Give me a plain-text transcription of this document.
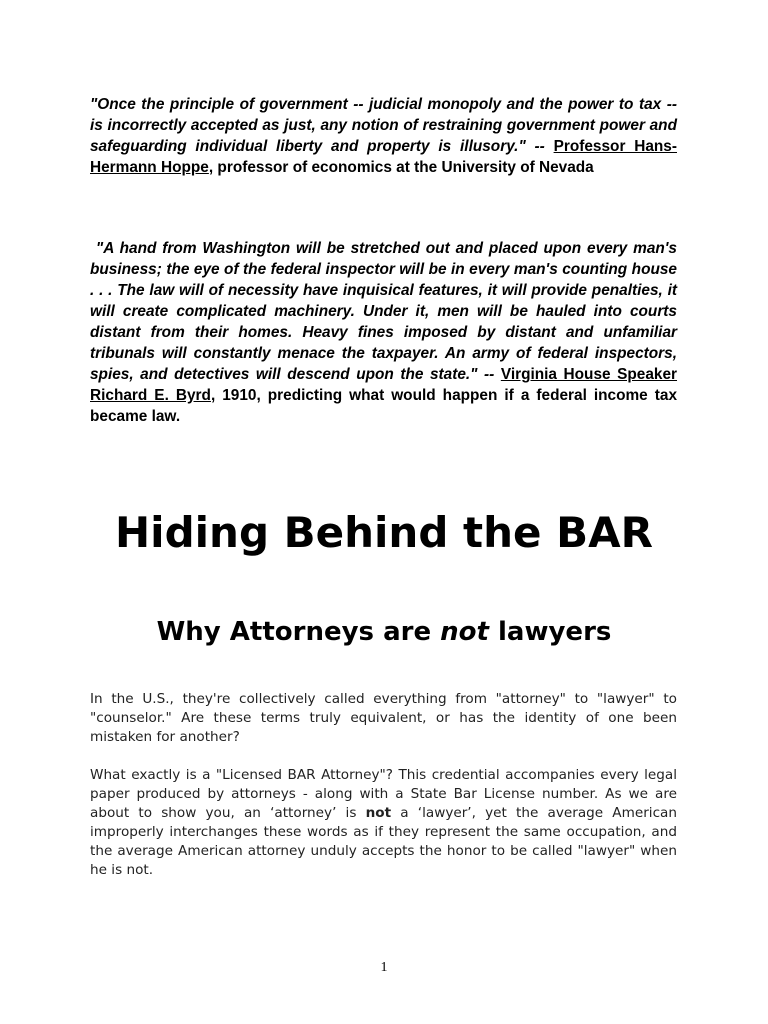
"Once the principle of government -- judicial monopoly and the power to tax -- is incorrectly accepted as just, any notion of restraining government power and safeguarding individual liberty and property is illusory." -- Professor Hans-Hermann Hoppe, professor of economics at the University of Nevada
"A hand from Washington will be stretched out and placed upon every man's business; the eye of the federal inspector will be in every man's counting house . . . The law will of necessity have inquisical features, it will provide penalties, it will create complicated machinery. Under it, men will be hauled into courts distant from their homes. Heavy fines imposed by distant and unfamiliar tribunals will constantly menace the taxpayer. An army of federal inspectors, spies, and detectives will descend upon the state." -- Virginia House Speaker Richard E. Byrd, 1910, predicting what would happen if a federal income tax became law.
Hiding Behind the BAR
Why Attorneys are not lawyers
In the U.S., they're collectively called everything from "attorney" to "lawyer" to "counselor." Are these terms truly equivalent, or has the identity of one been mistaken for another?
What exactly is a "Licensed BAR Attorney"? This credential accompanies every legal paper produced by attorneys - along with a State Bar License number. As we are about to show you, an ‘attorney’ is not a ‘lawyer’, yet the average American improperly interchanges these words as if they represent the same occupation, and the average American attorney unduly accepts the honor to be called "lawyer" when he is not.
1
